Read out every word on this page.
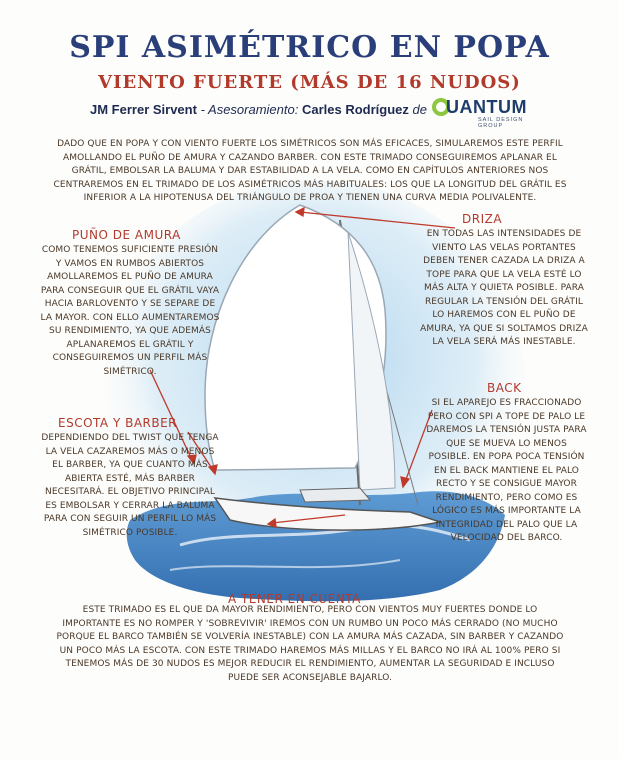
SPI ASIMÉTRICO EN POPA
VIENTO FUERTE (MÁS DE 16 NUDOS)
JM Ferrer Sirvent - Asesoramiento: Carles Rodríguez de UANTUM
SAIL DESIGN GROUP
DADO QUE EN POPA Y CON VIENTO FUERTE LOS SIMÉTRICOS SON MÁS EFICACES, SIMULAREMOS ESTE PERFIL AMOLLANDO EL PUÑO DE AMURA Y CAZANDO BARBER. CON ESTE TRIMADO CONSEGUIREMOS APLANAR EL GRÁTIL, EMBOLSAR LA BALUMA Y DAR ESTABILIDAD A LA VELA. COMO EN CAPÍTULOS ANTERIORES NOS CENTRAREMOS EN EL TRIMADO DE LOS ASIMÉTRICOS MÁS HABITUALES: LOS QUE LA LONGITUD DEL GRÁTIL ES INFERIOR A LA HIPOTENUSA DEL TRIÁNGULO DE PROA Y TIENEN UNA CURVA MEDIA POLIVALENTE.
PUÑO DE AMURA
COMO TENEMOS SUFICIENTE PRESIÓN Y VAMOS EN RUMBOS ABIERTOS AMOLLAREMOS EL PUÑO DE AMURA PARA CONSEGUIR QUE EL GRÁTIL VAYA HACIA BARLOVENTO Y SE SEPARE DE LA MAYOR. CON ELLO AUMENTAREMOS SU RENDIMIENTO, YA QUE ADEMÁS APLANAREMOS EL GRÁTIL Y CONSEGUIREMOS UN PERFIL MÁS SIMÉTRICO.
ESCOTA Y BARBER
DEPENDIENDO DEL TWIST QUE TENGA LA VELA CAZAREMOS MÁS O MENOS EL BARBER, YA QUE CUANTO MÁS ABIERTA ESTÉ, MÁS BARBER NECESITARÁ. EL OBJETIVO PRINCIPAL ES EMBOLSAR Y CERRAR LA BALUMA PARA CON SEGUIR UN PERFIL LO MÁS SIMÉTRICO POSIBLE.
DRIZA
EN TODAS LAS INTENSIDADES DE VIENTO LAS VELAS PORTANTES DEBEN TENER CAZADA LA DRIZA A TOPE PARA QUE LA VELA ESTÉ LO MÁS ALTA Y QUIETA POSIBLE. PARA REGULAR LA TENSIÓN DEL GRÁTIL LO HAREMOS CON EL PUÑO DE AMURA, YA QUE SI SOLTAMOS DRIZA LA VELA SERÁ MÁS INESTABLE.
BACK
SI EL APAREJO ES FRACCIONADO PERO CON SPI A TOPE DE PALO LE DAREMOS LA TENSIÓN JUSTA PARA QUE SE MUEVA LO MENOS POSIBLE. EN POPA POCA TENSIÓN EN EL BACK MANTIENE EL PALO RECTO Y SE CONSIGUE MAYOR RENDIMIENTO, PERO COMO ES LÓGICO ES MÁS IMPORTANTE LA INTEGRIDAD DEL PALO QUE LA VELOCIDAD DEL BARCO.
A TENER EN CUENTA
ESTE TRIMADO ES EL QUE DA MAYOR RENDIMIENTO, PERO CON VIENTOS MUY FUERTES DONDE LO IMPORTANTE ES NO ROMPER Y 'SOBREVIVIR' IREMOS CON UN RUMBO UN POCO MÁS CERRADO (NO MUCHO PORQUE EL BARCO TAMBIÉN SE VOLVERÍA INESTABLE) CON LA AMURA MÁS CAZADA, SIN BARBER Y CAZANDO UN POCO MÁS LA ESCOTA. CON ESTE TRIMADO HAREMOS MÁS MILLAS Y EL BARCO NO IRÁ AL 100% PERO SI TENEMOS MÁS DE 30 NUDOS ES MEJOR REDUCIR EL RENDIMIENTO, AUMENTAR LA SEGURIDAD E INCLUSO PUEDE SER ACONSEJABLE BAJARLO.
